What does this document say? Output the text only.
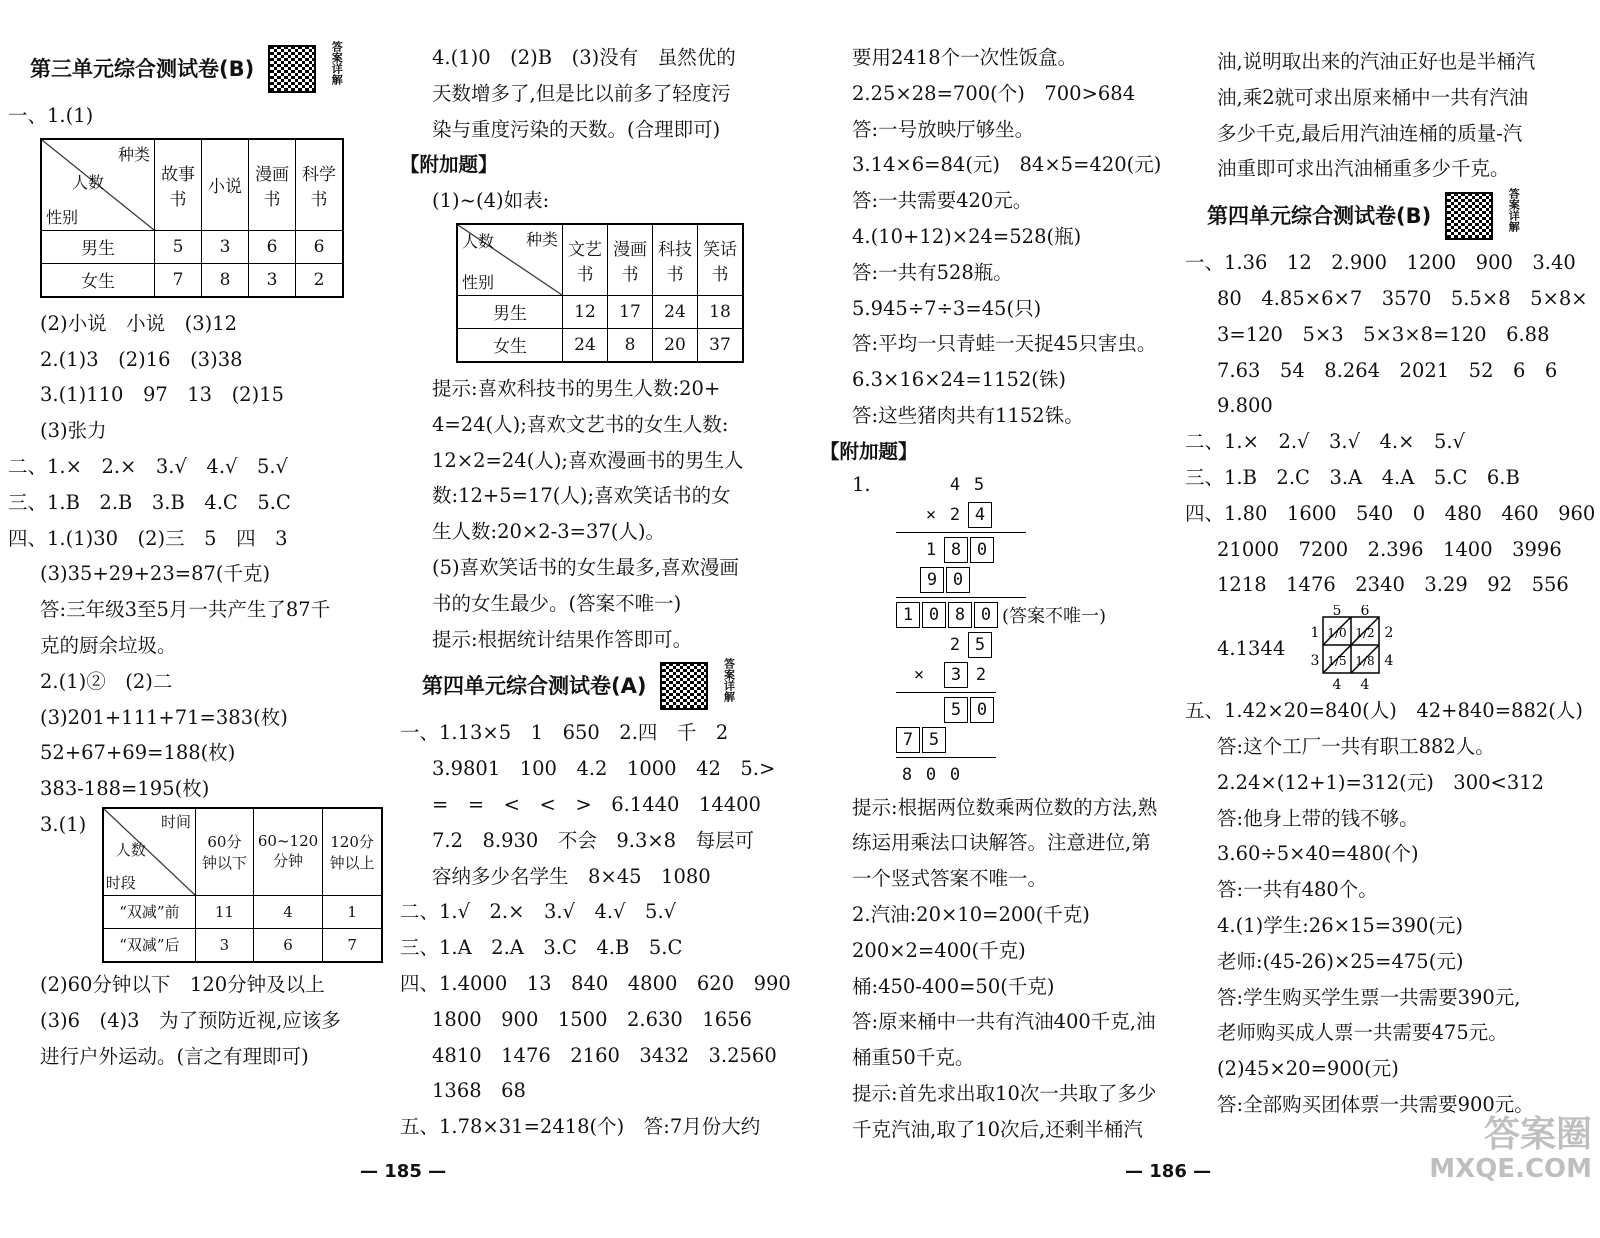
第三单元综合测试卷(B)	答案详解
一、1.(1)
种类
人数
性别	故事书	小说	漫画书	科学书
男生	5	3	6	6
女生	7	8	3	2
(2)小说　小说　(3)12
2.(1)3　(2)16　(3)38
3.(1)110　97　13　(2)15
(3)张力
二、1.×　2.×　3.√　4.√　5.√
三、1.B　2.B　3.B　4.C　5.C
四、1.(1)30　(2)三　5　四　3
(3)35+29+23=87(千克)
答:三年级3至5月一共产生了87千
克的厨余垃圾。
2.(1)②　(2)二
(3)201+111+71=383(枚)
52+67+69=188(枚)
383-188=195(枚)
3.(1)	时间
人数
时段	60分钟以下	60~120分钟	120分钟以上
“双减”前	11	4	1
“双减”后	3	6	7
(2)60分钟以下　120分钟及以上
(3)6　(4)3　为了预防近视,应该多
进行户外运动。(言之有理即可)
4.(1)0　(2)B　(3)没有　虽然优的
天数增多了,但是比以前多了轻度污
染与重度污染的天数。(合理即可)
【附加题】
(1)~(4)如表:
种类
人数
性别	文艺书	漫画书	科技书	笑话书
男生	12	17	24	18
女生	24	8	20	37
提示:喜欢科技书的男生人数:20+
4=24(人);喜欢文艺书的女生人数:
12×2=24(人);喜欢漫画书的男生人
数:12+5=17(人);喜欢笑话书的女
生人数:20×2-3=37(人)。
(5)喜欢笑话书的女生最多,喜欢漫画
书的女生最少。(答案不唯一)
提示:根据统计结果作答即可。
第四单元综合测试卷(A)	答案详解
一、1.13×5　1　650　2.四　千　2
3.9801　100　4.2　1000　42　5.>
=　=　<　<　>　6.1440　14400
7.2　8.930　不会　9.3×8　每层可
容纳多少名学生　8×45　1080
二、1.√　2.×　3.√　4.√　5.√
三、1.A　2.A　3.C　4.B　5.C
四、1.4000　13　840　4800　620　990
1800　900　1500　2.630　1656
4810　1476　2160　3432　3.2560
1368　68
五、1.78×31=2418(个)　答:7月份大约
— 185 —
要用2418个一次性饭盒。
2.25×28=700(个)　700>684
答:一号放映厅够坐。
3.14×6=84(元)　84×5=420(元)
答:一共需要420元。
4.(10+12)×24=528(瓶)
答:一共有528瓶。
5.945÷7÷3=45(只)
答:平均一只青蛙一天捉45只害虫。
6.3×16×24=1152(铢)
答:这些猪肉共有1152铢。
【附加题】
1.	4 5
× 2 4
1 8 0
9 0
1 0 8 0 (答案不唯一)
2 5
×	3 2
5 0
7 5
8 0 0
提示:根据两位数乘两位数的方法,熟
练运用乘法口诀解答。注意进位,第
一个竖式答案不唯一。
2.汽油:20×10=200(千克)
200×2=400(千克)
桶:450-400=50(千克)
答:原来桶中一共有汽油400千克,油
桶重50千克。
提示:首先求出取10次一共取了多少
千克汽油,取了10次后,还剩半桶汽
油,说明取出来的汽油正好也是半桶汽
油,乘2就可求出原来桶中一共有汽油
多少千克,最后用汽油连桶的质量-汽
油重即可求出汽油桶重多少千克。
第四单元综合测试卷(B)	答案详解
一、1.36　12　2.900　1200　900　3.40
80　4.85×6×7　3570　5.5×8　5×8×
3=120　5×3　5×3×8=120　6.88
7.63　54　8.264　2021　52　6　6
9.800
二、1.×　2.√　3.√　4.×　5.√
三、1.B　2.C　3.A　4.A　5.C　6.B
四、1.80　1600　540　0　480　460　960
21000　7200　2.396　1400　3996
1218　1476　2340　3.29　92　556
4.1344
5 6
2
4
1
3
4 4
1/0 1/2
1/5 1/8
五、1.42×20=840(人)　42+840=882(人)
答:这个工厂一共有职工882人。
2.24×(12+1)=312(元)　300<312
答:他身上带的钱不够。
3.60÷5×40=480(个)
答:一共有480个。
4.(1)学生:26×15=390(元)
老师:(45-26)×25=475(元)
答:学生购买学生票一共需要390元,
老师购买成人票一共需要475元。
(2)45×20=900(元)
答:全部购买团体票一共需要900元。
— 186 —
答案圈
MXQE.COM
